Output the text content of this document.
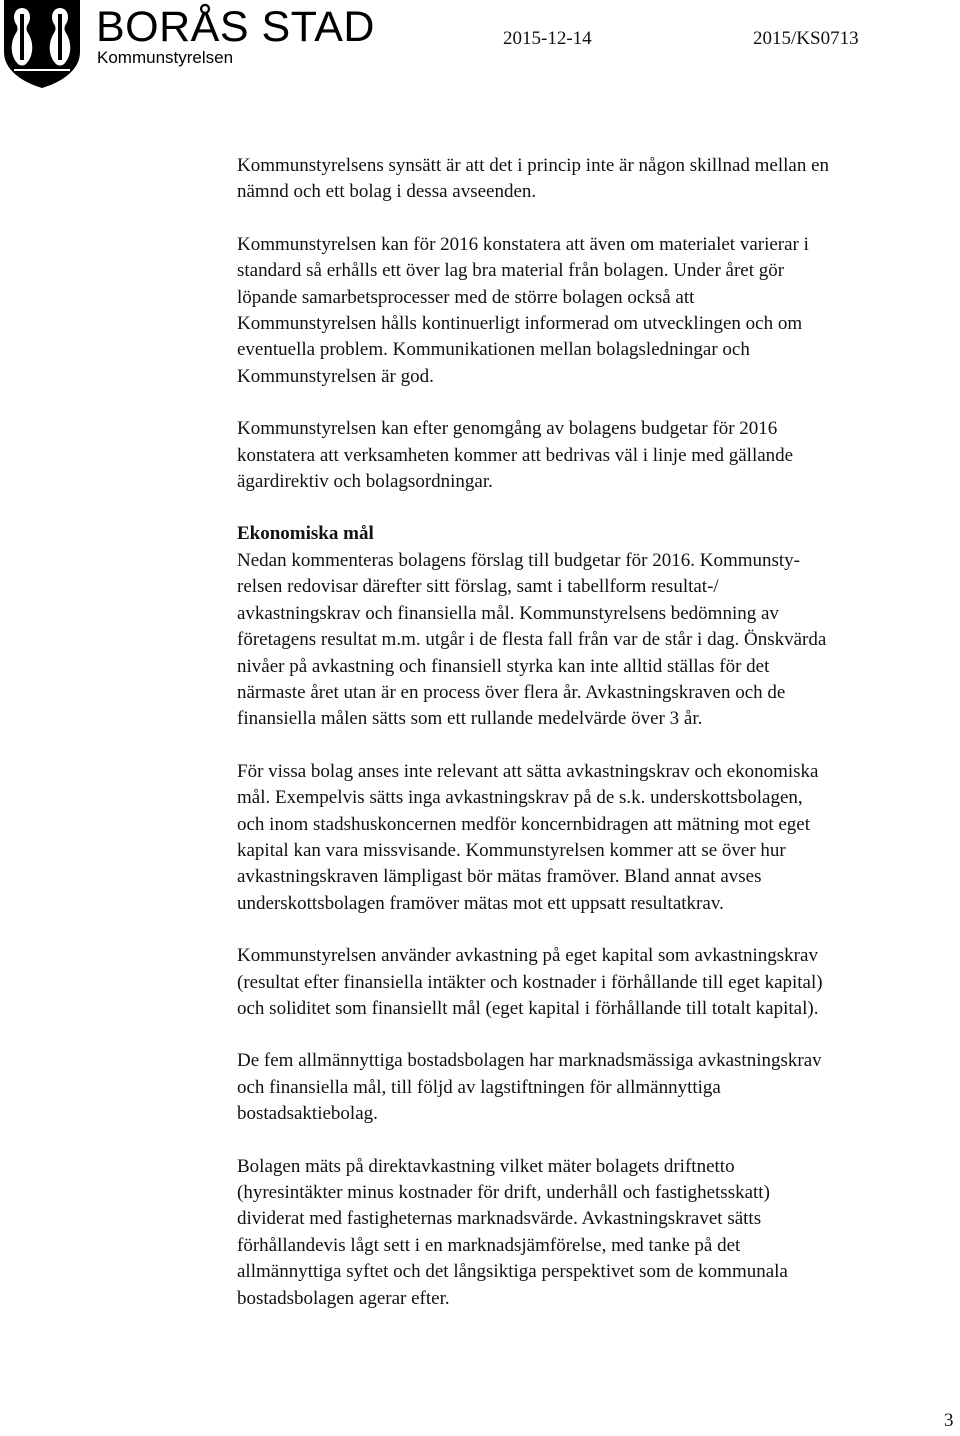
BORÅS STAD
Kommunstyrelsen
2015-12-14	2015/KS0713

Kommunstyrelsens synsätt är att det i princip inte är någon skillnad mellan en
nämnd och ett bolag i dessa avseenden.

Kommunstyrelsen kan för 2016 konstatera att även om materialet varierar i
standard så erhålls ett över lag bra material från bolagen. Under året gör
löpande samarbetsprocesser med de större bolagen också att
Kommunstyrelsen hålls kontinuerligt informerad om utvecklingen och om
eventuella problem. Kommunikationen mellan bolagsledningar och
Kommunstyrelsen är god.

Kommunstyrelsen kan efter genomgång av bolagens budgetar för 2016
konstatera att verksamheten kommer att bedrivas väl i linje med gällande
ägardirektiv och bolagsordningar.

Ekonomiska mål
Nedan kommenteras bolagens förslag till budgetar för 2016. Kommunsty-
relsen redovisar därefter sitt förslag, samt i tabellform resultat-/
avkastningskrav och finansiella mål. Kommunstyrelsens bedömning av
företagens resultat m.m. utgår i de flesta fall från var de står i dag. Önskvärda
nivåer på avkastning och finansiell styrka kan inte alltid ställas för det
närmaste året utan är en process över flera år. Avkastningskraven och de
finansiella målen sätts som ett rullande medelvärde över 3 år.

För vissa bolag anses inte relevant att sätta avkastningskrav och ekonomiska
mål. Exempelvis sätts inga avkastningskrav på de s.k. underskottsbolagen,
och inom stadshuskoncernen medför koncernbidragen att mätning mot eget
kapital kan vara missvisande. Kommunstyrelsen kommer att se över hur
avkastningskraven lämpligast bör mätas framöver. Bland annat avses
underskottsbolagen framöver mätas mot ett uppsatt resultatkrav.

Kommunstyrelsen använder avkastning på eget kapital som avkastningskrav
(resultat efter finansiella intäkter och kostnader i förhållande till eget kapital)
och soliditet som finansiellt mål (eget kapital i förhållande till totalt kapital).

De fem allmännyttiga bostadsbolagen har marknadsmässiga avkastningskrav
och finansiella mål, till följd av lagstiftningen för allmännyttiga
bostadsaktiebolag.

Bolagen mäts på direktavkastning vilket mäter bolagets driftnetto
(hyresintäkter minus kostnader för drift, underhåll och fastighetsskatt)
dividerat med fastigheternas marknadsvärde. Avkastningskravet sätts
förhållandevis lågt sett i en marknadsjämförelse, med tanke på det
allmännyttiga syftet och det långsiktiga perspektivet som de kommunala
bostadsbolagen agerar efter.

3
